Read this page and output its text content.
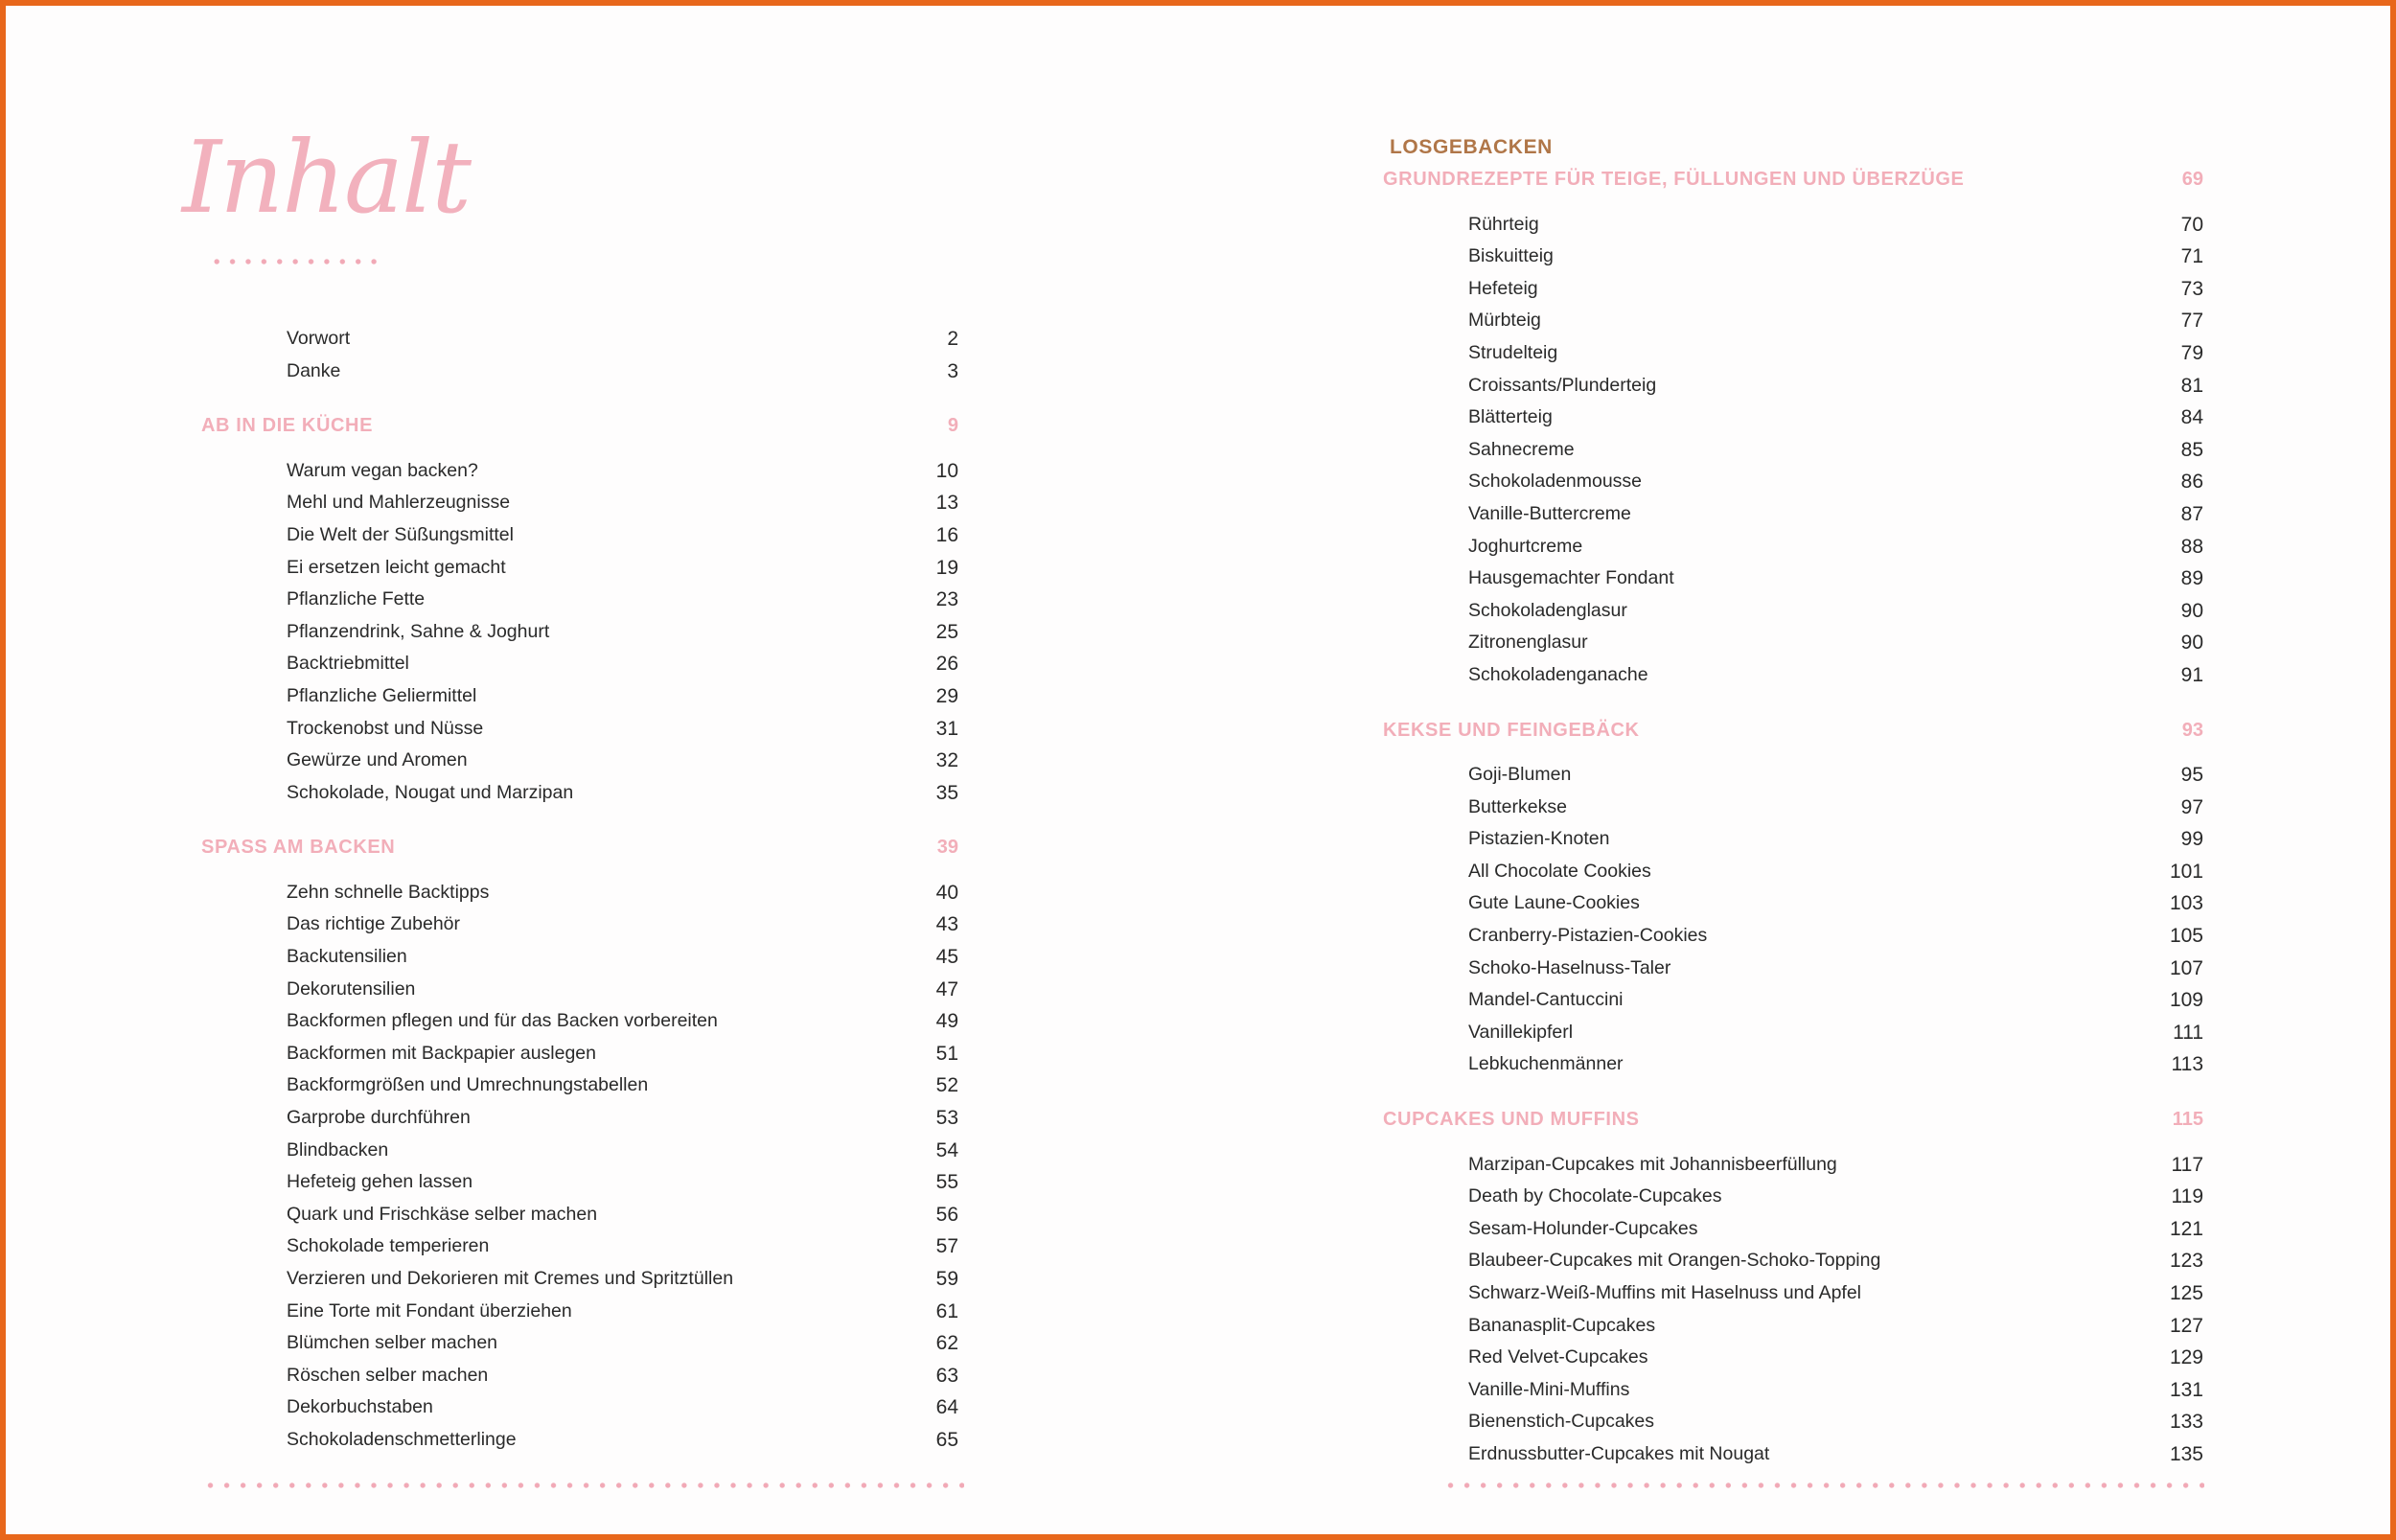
Inhalt
Vorwort	2
Danke	3
AB IN DIE KÜCHE	9
Warum vegan backen?	10
Mehl und Mahlerzeugnisse	13
Die Welt der Süßungsmittel	16
Ei ersetzen leicht gemacht	19
Pflanzliche Fette	23
Pflanzendrink, Sahne & Joghurt	25
Backtriebmittel	26
Pflanzliche Geliermittel	29
Trockenobst und Nüsse	31
Gewürze und Aromen	32
Schokolade, Nougat und Marzipan	35
SPASS AM BACKEN	39
Zehn schnelle Backtipps	40
Das richtige Zubehör	43
Backutensilien	45
Dekorutensilien	47
Backformen pflegen und für das Backen vorbereiten	49
Backformen mit Backpapier auslegen	51
Backformgrößen und Umrechnungstabellen	52
Garprobe durchführen	53
Blindbacken	54
Hefeteig gehen lassen	55
Quark und Frischkäse selber machen	56
Schokolade temperieren	57
Verzieren und Dekorieren mit Cremes und Spritztüllen	59
Eine Torte mit Fondant überziehen	61
Blümchen selber machen	62
Röschen selber machen	63
Dekorbuchstaben	64
Schokoladenschmetterlinge	65
LOSGEBACKEN
GRUNDREZEPTE FÜR TEIGE, FÜLLUNGEN UND ÜBERZÜGE	69
Rührteig	70
Biskuitteig	71
Hefeteig	73
Mürbteig	77
Strudelteig	79
Croissants/Plunderteig	81
Blätterteig	84
Sahnecreme	85
Schokoladenmousse	86
Vanille-Buttercreme	87
Joghurtcreme	88
Hausgemachter Fondant	89
Schokoladenglasur	90
Zitronenglasur	90
Schokoladenganache	91
KEKSE UND FEINGEBÄCK	93
Goji-Blumen	95
Butterkekse	97
Pistazien-Knoten	99
All Chocolate Cookies	101
Gute Laune-Cookies	103
Cranberry-Pistazien-Cookies	105
Schoko-Haselnuss-Taler	107
Mandel-Cantuccini	109
Vanillekipferl	111
Lebkuchenmänner	113
CUPCAKES UND MUFFINS	115
Marzipan-Cupcakes mit Johannisbeerfüllung	117
Death by Chocolate-Cupcakes	119
Sesam-Holunder-Cupcakes	121
Blaubeer-Cupcakes mit Orangen-Schoko-Topping	123
Schwarz-Weiß-Muffins mit Haselnuss und Apfel	125
Bananasplit-Cupcakes	127
Red Velvet-Cupcakes	129
Vanille-Mini-Muffins	131
Bienenstich-Cupcakes	133
Erdnussbutter-Cupcakes mit Nougat	135
